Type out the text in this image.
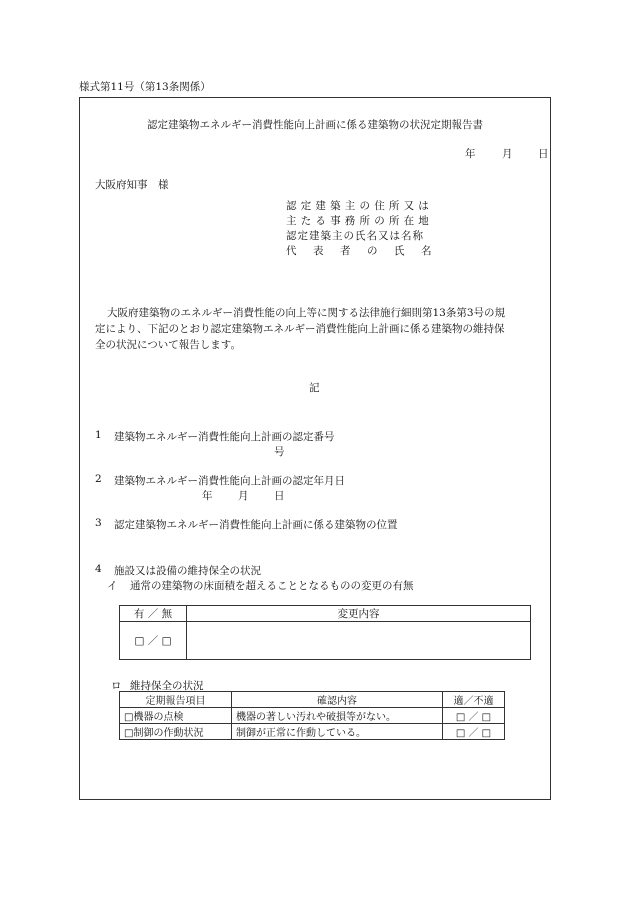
様式第11号（第13条関係）
認定建築物エネルギー消費性能向上計画に係る建築物の状況定期報告書
年	月 日
大阪府知事　様
認定建築主の住所又は
主たる事務所の所在地
認定建築主の氏名又は名称
代　表　者　の　氏　名
大阪府建築物のエネルギー消費性能の向上等に関する法律施行細則第13条第3号の規
定により、下記のとおり認定建築物エネルギー消費性能向上計画に係る建築物の維持保
全の状況について報告します。
記
1 建築物エネルギー消費性能向上計画の認定番号
号
2 建築物エネルギー消費性能向上計画の認定年月日
年 月 日
3 認定建築物エネルギー消費性能向上計画に係る建築物の位置
4 施設又は設備の維持保全の状況
イ 通常の建築物の床面積を超えることとなるものの変更の有無
有 ／ 無	変更内容
□ ／ □	
ロ 維持保全の状況
定期報告項目	確認内容	適／不適
□機器の点検	機器の著しい汚れや破損等がない。	□ ／ □
□制御の作動状況	制御が正常に作動している。	□ ／ □
